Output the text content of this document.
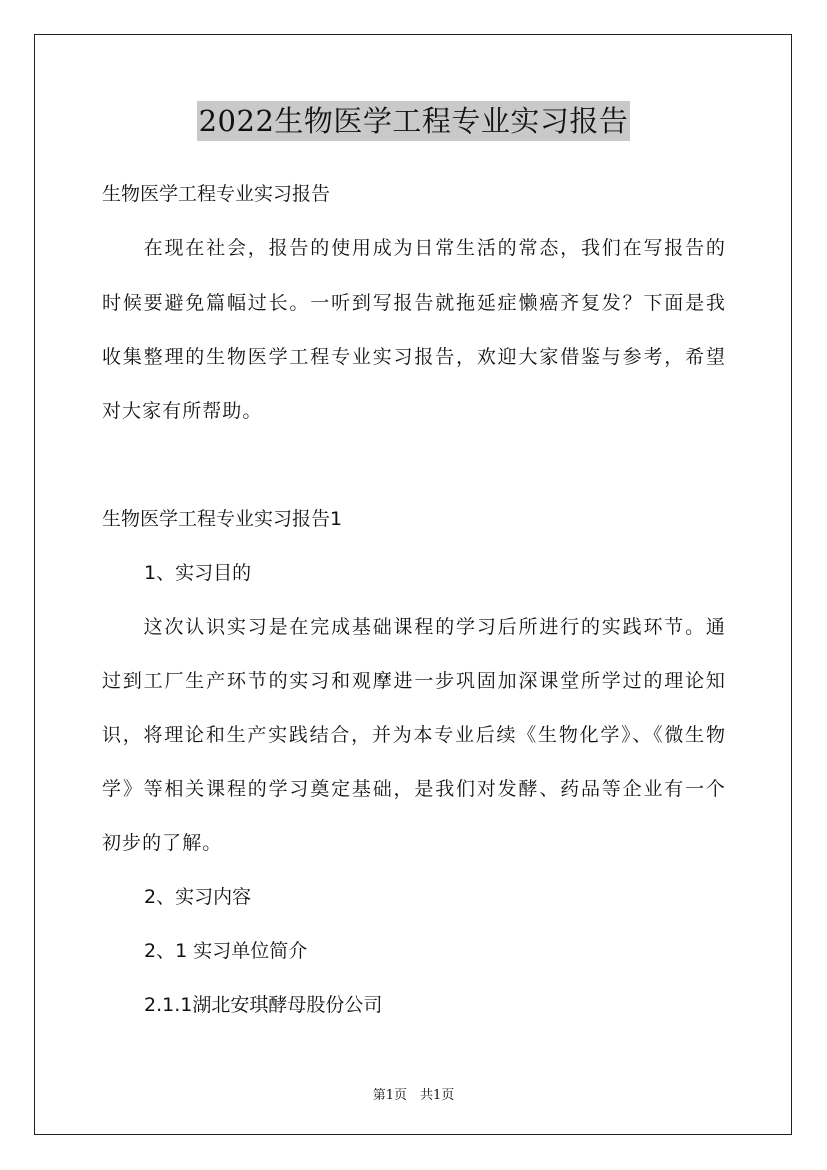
2022生物医学工程专业实习报告
生物医学工程专业实习报告
　　在现在社会，报告的使用成为日常生活的常态，我们在写报告的
时候要避免篇幅过长。一听到写报告就拖延症懒癌齐复发？下面是我
收集整理的生物医学工程专业实习报告，欢迎大家借鉴与参考，希望
对大家有所帮助。
生物医学工程专业实习报告1
1、实习目的
　　这次认识实习是在完成基础课程的学习后所进行的实践环节。通
过到工厂生产环节的实习和观摩进一步巩固加深课堂所学过的理论知
识，将理论和生产实践结合，并为本专业后续《生物化学》、《微生物
学》等相关课程的学习奠定基础，是我们对发酵、药品等企业有一个
初步的了解。
2、实习内容
2、1 实习单位简介
2.1.1湖北安琪酵母股份公司
第1页　共1页
